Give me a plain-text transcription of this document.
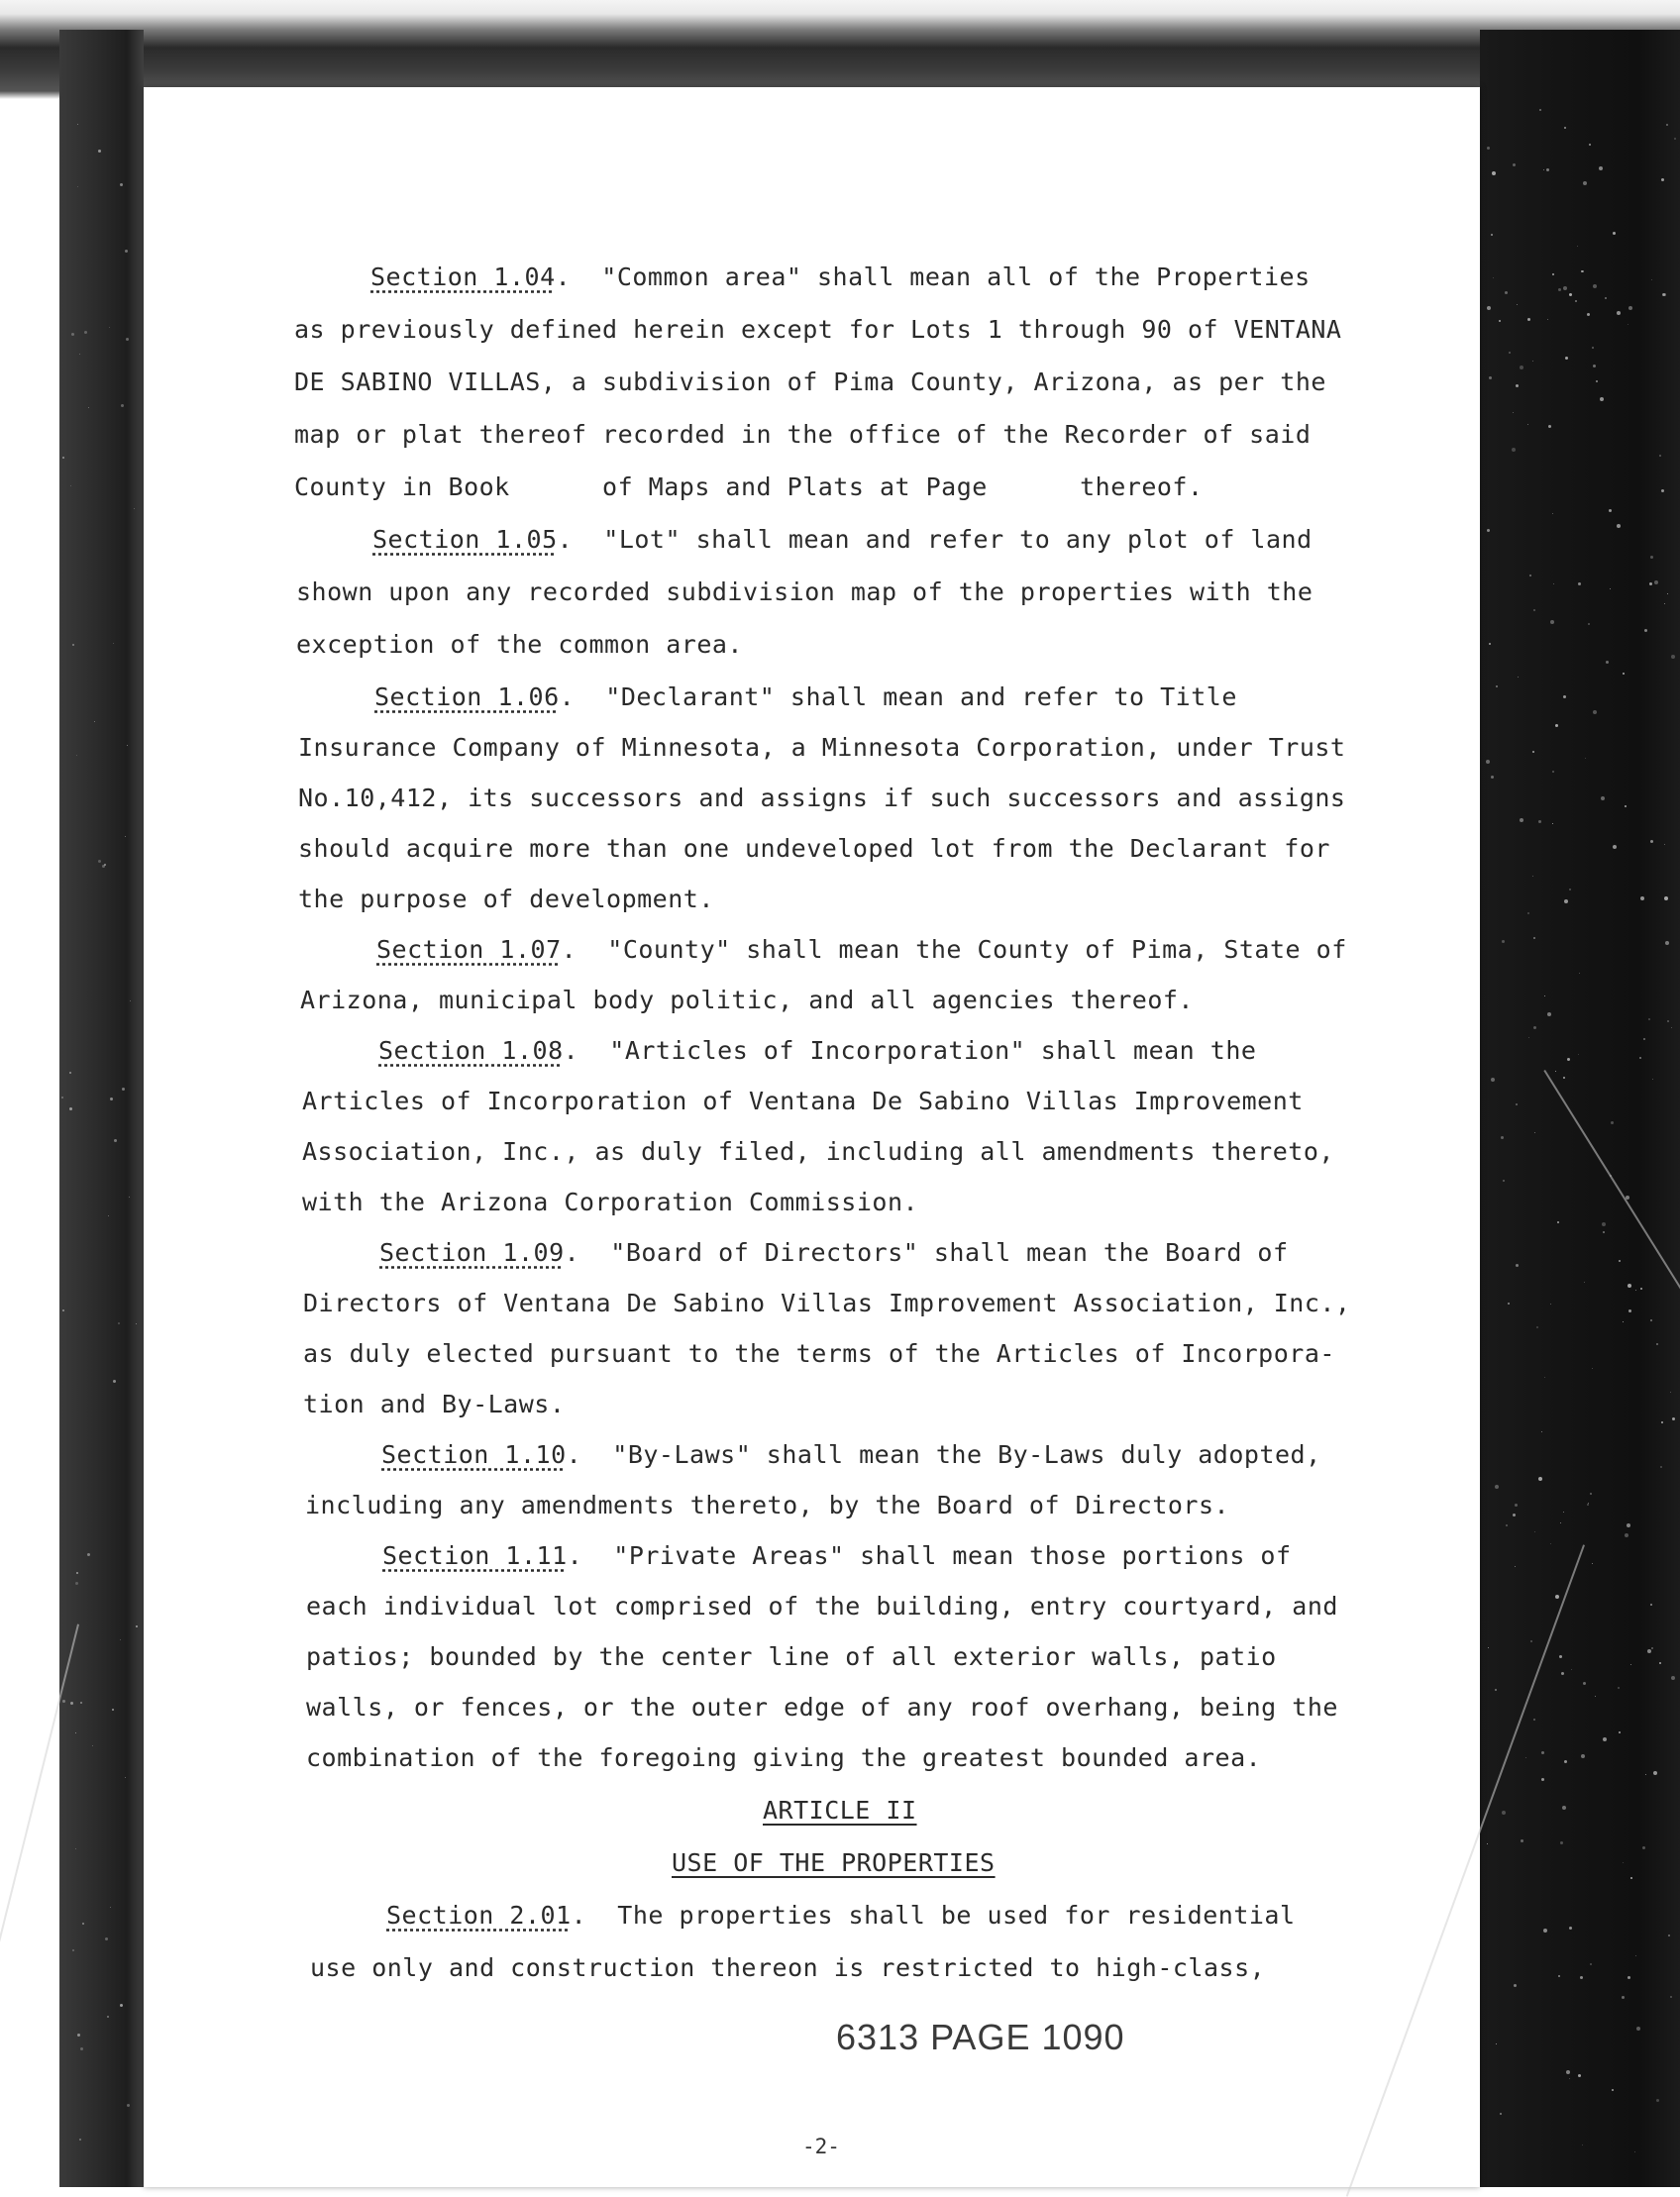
Section 1.04.  "Common area" shall mean all of the Properties
as previously defined herein except for Lots 1 through 90 of VENTANA
DE SABINO VILLAS, a subdivision of Pima County, Arizona, as per the
map or plat thereof recorded in the office of the Recorder of said
County in Book      of Maps and Plats at Page      thereof.
Section 1.05.  "Lot" shall mean and refer to any plot of land
shown upon any recorded subdivision map of the properties with the
exception of the common area.
Section 1.06.  "Declarant" shall mean and refer to Title
Insurance Company of Minnesota, a Minnesota Corporation, under Trust
No.10,412, its successors and assigns if such successors and assigns
should acquire more than one undeveloped lot from the Declarant for
the purpose of development.
Section 1.07.  "County" shall mean the County of Pima, State of
Arizona, municipal body politic, and all agencies thereof.
Section 1.08.  "Articles of Incorporation" shall mean the
Articles of Incorporation of Ventana De Sabino Villas Improvement
Association, Inc., as duly filed, including all amendments thereto,
with the Arizona Corporation Commission.
Section 1.09.  "Board of Directors" shall mean the Board of
Directors of Ventana De Sabino Villas Improvement Association, Inc.,
as duly elected pursuant to the terms of the Articles of Incorpora-
tion and By-Laws.
Section 1.10.  "By-Laws" shall mean the By-Laws duly adopted,
including any amendments thereto, by the Board of Directors.
Section 1.11.  "Private Areas" shall mean those portions of
each individual lot comprised of the building, entry courtyard, and
patios; bounded by the center line of all exterior walls, patio
walls, or fences, or the outer edge of any roof overhang, being the
combination of the foregoing giving the greatest bounded area.
ARTICLE II
USE OF THE PROPERTIES
Section 2.01.  The properties shall be used for residential
use only and construction thereon is restricted to high-class,
6313 PAGE 1090
-2-
